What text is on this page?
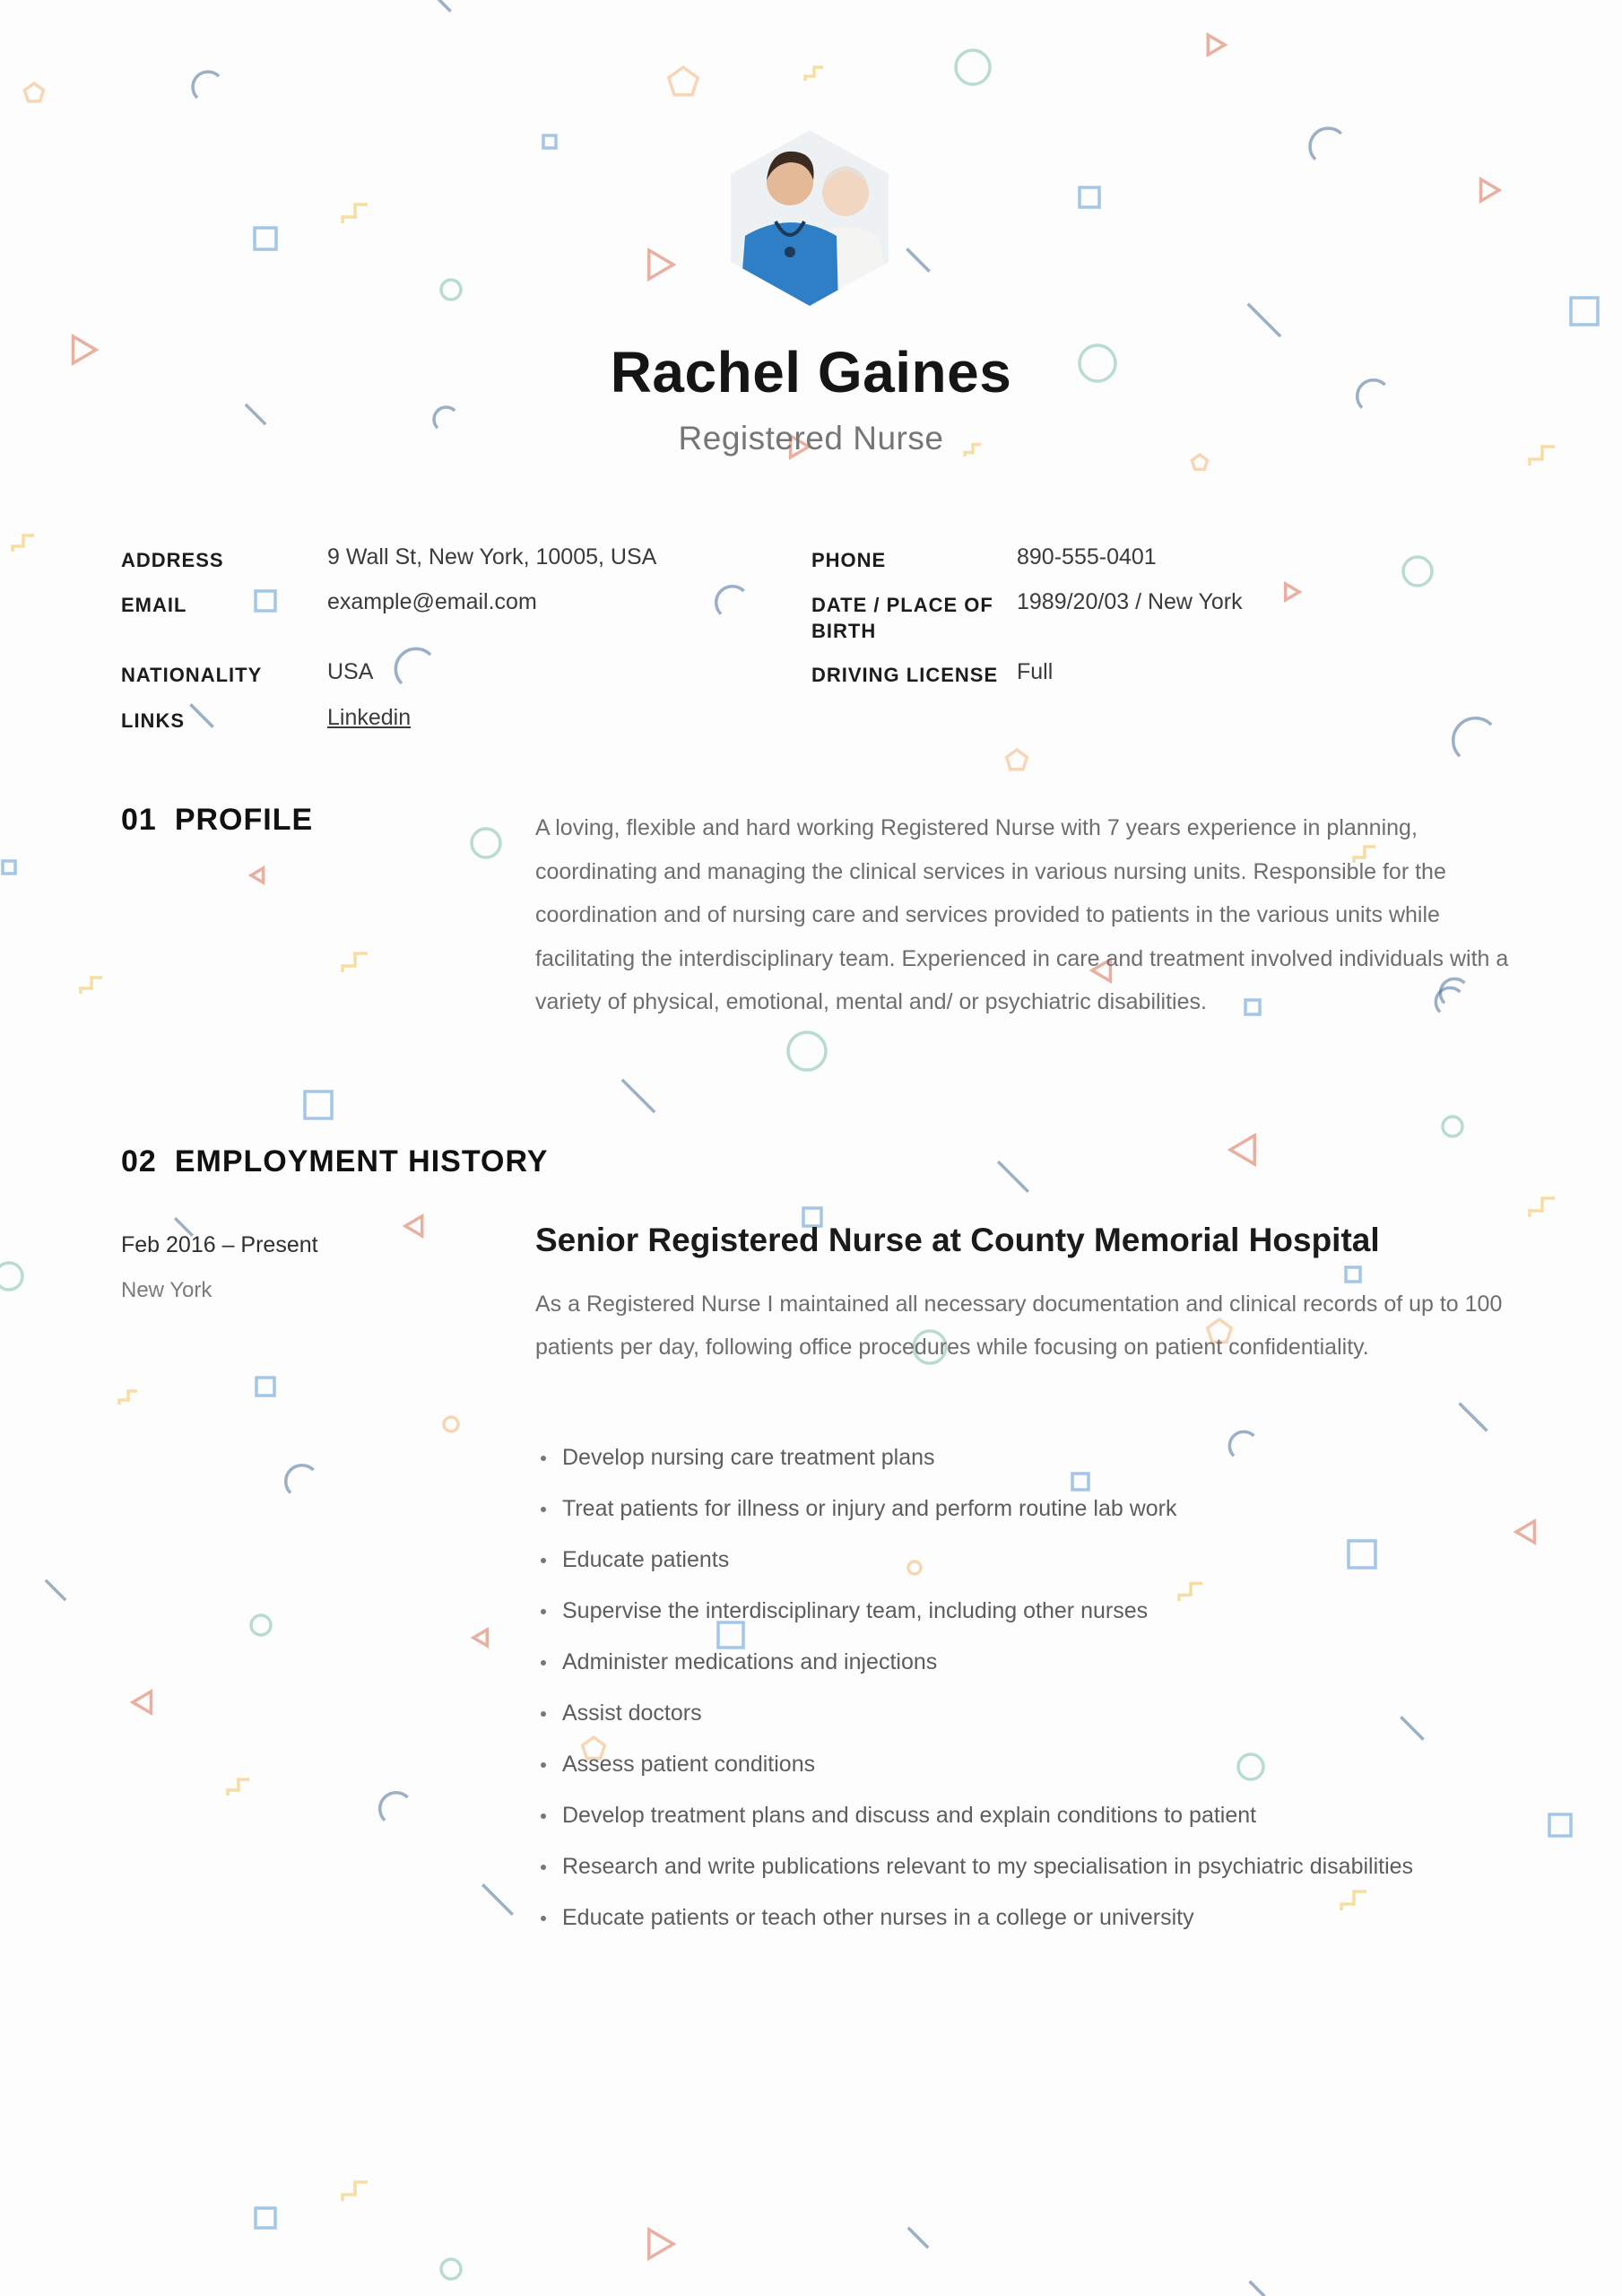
Rachel Gaines
Registered Nurse
ADDRESS	9 Wall St, New York, 10005, USA
EMAIL	example@email.com
NATIONALITY	USA
LINKS	Linkedin
PHONE	890-555-0401
DATE / PLACE OF
BIRTH
1989/20/03 / New York
DRIVING LICENSE Full
01 PROFILE	A loving, flexible and hard working Registered Nurse with 7 years experience in planning, coordinating and managing the clinical services in various nursing units. Responsible for the coordination and of nursing care and services provided to patients in the various units while facilitating the interdisciplinary team. Experienced in care and treatment involved individuals with a variety of physical, emotional, mental and/ or psychiatric disabilities.
02 EMPLOYMENT HISTORY
Feb 2016 – Present
New York
Senior Registered Nurse at County Memorial Hospital
As a Registered Nurse I maintained all necessary documentation and clinical records of up to 100 patients per day, following office procedures while focusing on patient confidentiality.
Develop nursing care treatment plans
Treat patients for illness or injury and perform routine lab work
Educate patients
Supervise the interdisciplinary team, including other nurses
Administer medications and injections
Assist doctors
Assess patient conditions
Develop treatment plans and discuss and explain conditions to patient
Research and write publications relevant to my specialisation in psychiatric disabilities
Educate patients or teach other nurses in a college or university
